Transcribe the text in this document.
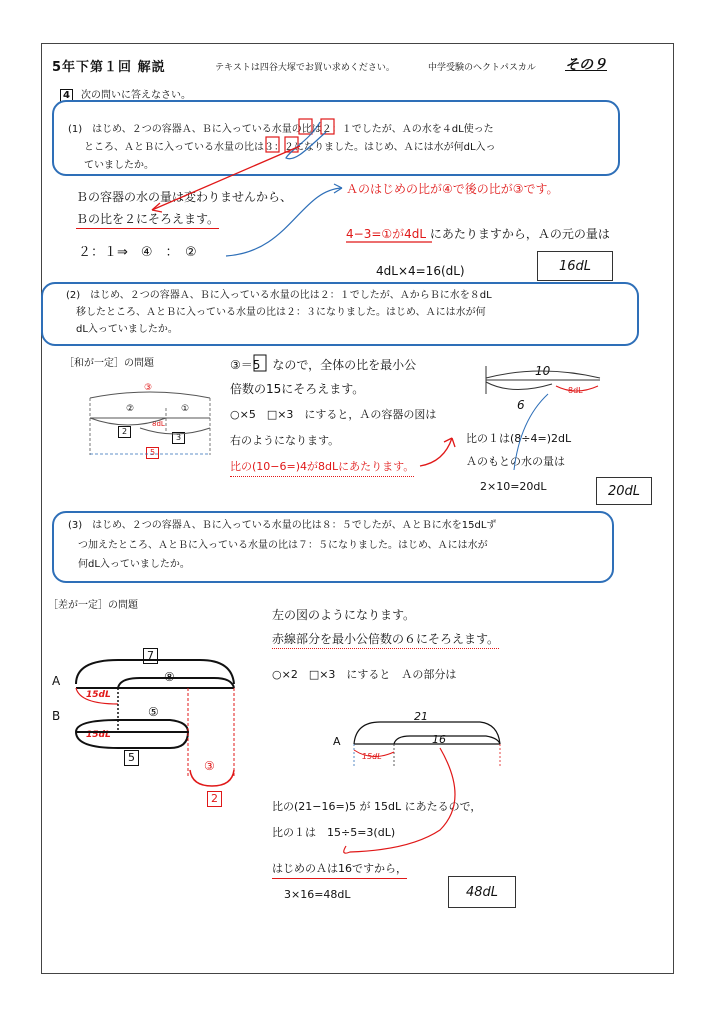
5年下第１回 解説	テキストは四谷大塚でお買い求めください。	中学受験のヘクトパスカル その９
4 次の問いに答えなさい。
(1)　はじめ、２つの容器Ａ、Ｂに入っている水量の比は２：１でしたが、Ａの水を４dL使った
ところ、ＡとＢに入っている水量の比は３：２になりました。はじめ、Ａには水が何dL入っ
ていましたか。
Ｂの容器の水の量は変わりませんから、
Ｂの比を２にそろえます。
２：１⇒　④　：　②
Ａのはじめの比が④で後の比が③です。
4−3=①が4dL にあたりますから，Ａの元の量は
4dL×4=16(dL)	16dL
(2)　はじめ、２つの容器Ａ、Ｂに入っている水量の比は２：１でしたが、ＡからＢに水を８dL
移したところ、ＡとＢに入っている水量の比は２：３になりました。はじめ、Ａには水が何
dL入っていましたか。
［和が一定］の問題	③＝5　なので，全体の比を最小公
倍数の15にそろえます。
○×5　□×3　にすると，Ａの容器の図は
右のようになります。
比の(10−6=)4が8dLにあたります。
比の１は(8÷4=)2dL
Ａのもとの水の量は
2×10=20dL	20dL
③
②	①
2
3
5
8dL
10
6
8dL
(3)　はじめ、２つの容器Ａ、Ｂに入っている水量の比は８：５でしたが、ＡとＢに水を15dLず
つ加えたところ、ＡとＢに入っている水量の比は７：５になりました。はじめ、Ａには水が
何dL入っていましたか。
［差が一定］の問題
左の図のようになります。
赤線部分を最小公倍数の６にそろえます。
○×2　□×3　にすると　Ａの部分は
比の(21−16=)5 が 15dL にあたるので，
比の１は　15÷5=3(dL)
はじめのＡは16ですから，
3×16=48dL	48dL
A
B
7
⑧
⑤
5
15dL
15dL
③
2
A
21
16
15dL
